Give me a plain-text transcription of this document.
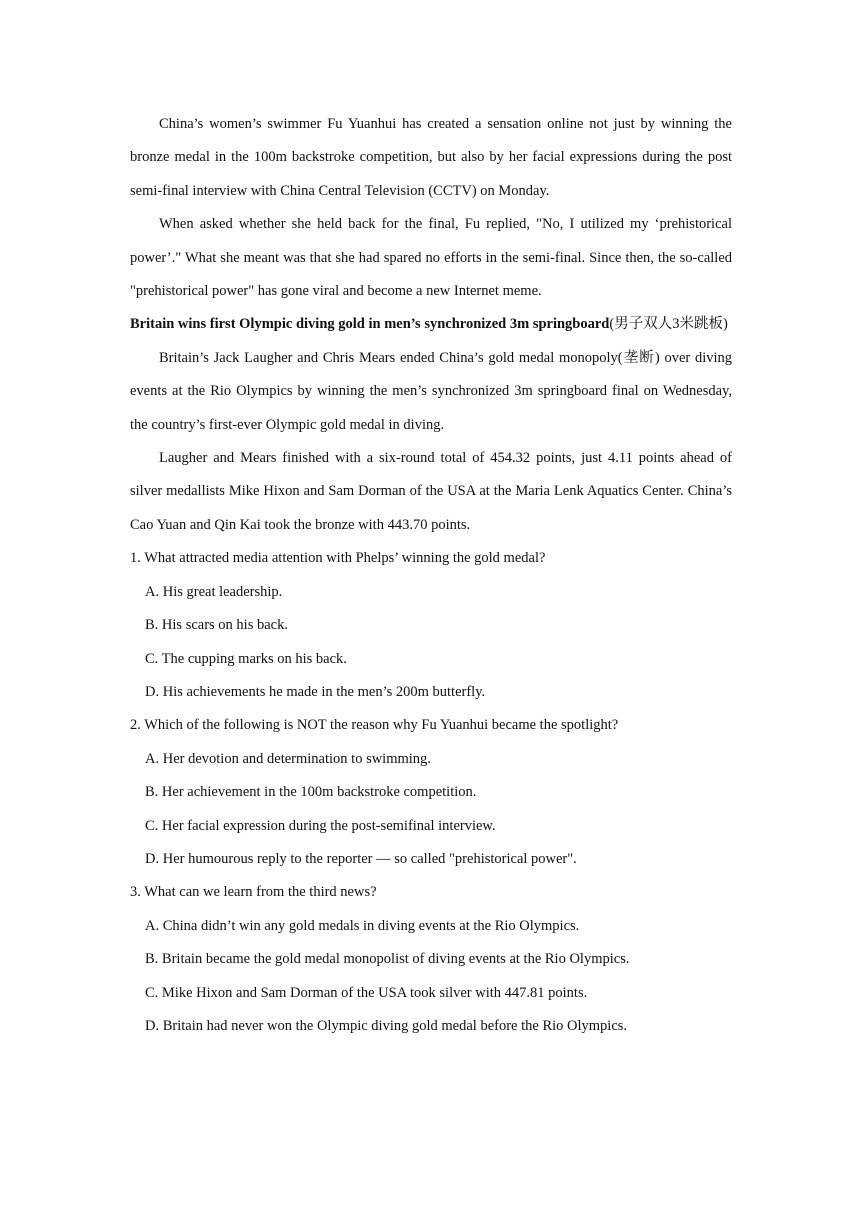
China’s women’s swimmer Fu Yuanhui has created a sensation online not just by winning the bronze medal in the 100m backstroke competition, but also by her facial expressions during the post semi-final interview with China Central Television (CCTV) on Monday.

When asked whether she held back for the final, Fu replied, "No, I utilized my ‘prehistorical power’." What she meant was that she had spared no efforts in the semi-final. Since then, the so-called "prehistorical power" has gone viral and become a new Internet meme.

Britain wins first Olympic diving gold in men’s synchronized 3m springboard(男子双人3米跳板)

Britain’s Jack Laugher and Chris Mears ended China’s gold medal monopoly(垄断) over diving events at the Rio Olympics by winning the men’s synchronized 3m springboard final on Wednesday, the country’s first-ever Olympic gold medal in diving.

Laugher and Mears finished with a six-round total of 454.32 points, just 4.11 points ahead of silver medallists Mike Hixon and Sam Dorman of the USA at the Maria Lenk Aquatics Center. China’s Cao Yuan and Qin Kai took the bronze with 443.70 points.

1. What attracted media attention with Phelps’ winning the gold medal?

A. His great leadership.

B. His scars on his back.

C. The cupping marks on his back.

D. His achievements he made in the men’s 200m butterfly.

2. Which of the following is NOT the reason why Fu Yuanhui became the spotlight?

A. Her devotion and determination to swimming.

B. Her achievement in the 100m backstroke competition.

C. Her facial expression during the post-semifinal interview.

D. Her humourous reply to the reporter — so called "prehistorical power".

3. What can we learn from the third news?

A. China didn’t win any gold medals in diving events at the Rio Olympics.

B. Britain became the gold medal monopolist of diving events at the Rio Olympics.

C. Mike Hixon and Sam Dorman of the USA took silver with 447.81 points.

D. Britain had never won the Olympic diving gold medal before the Rio Olympics.
